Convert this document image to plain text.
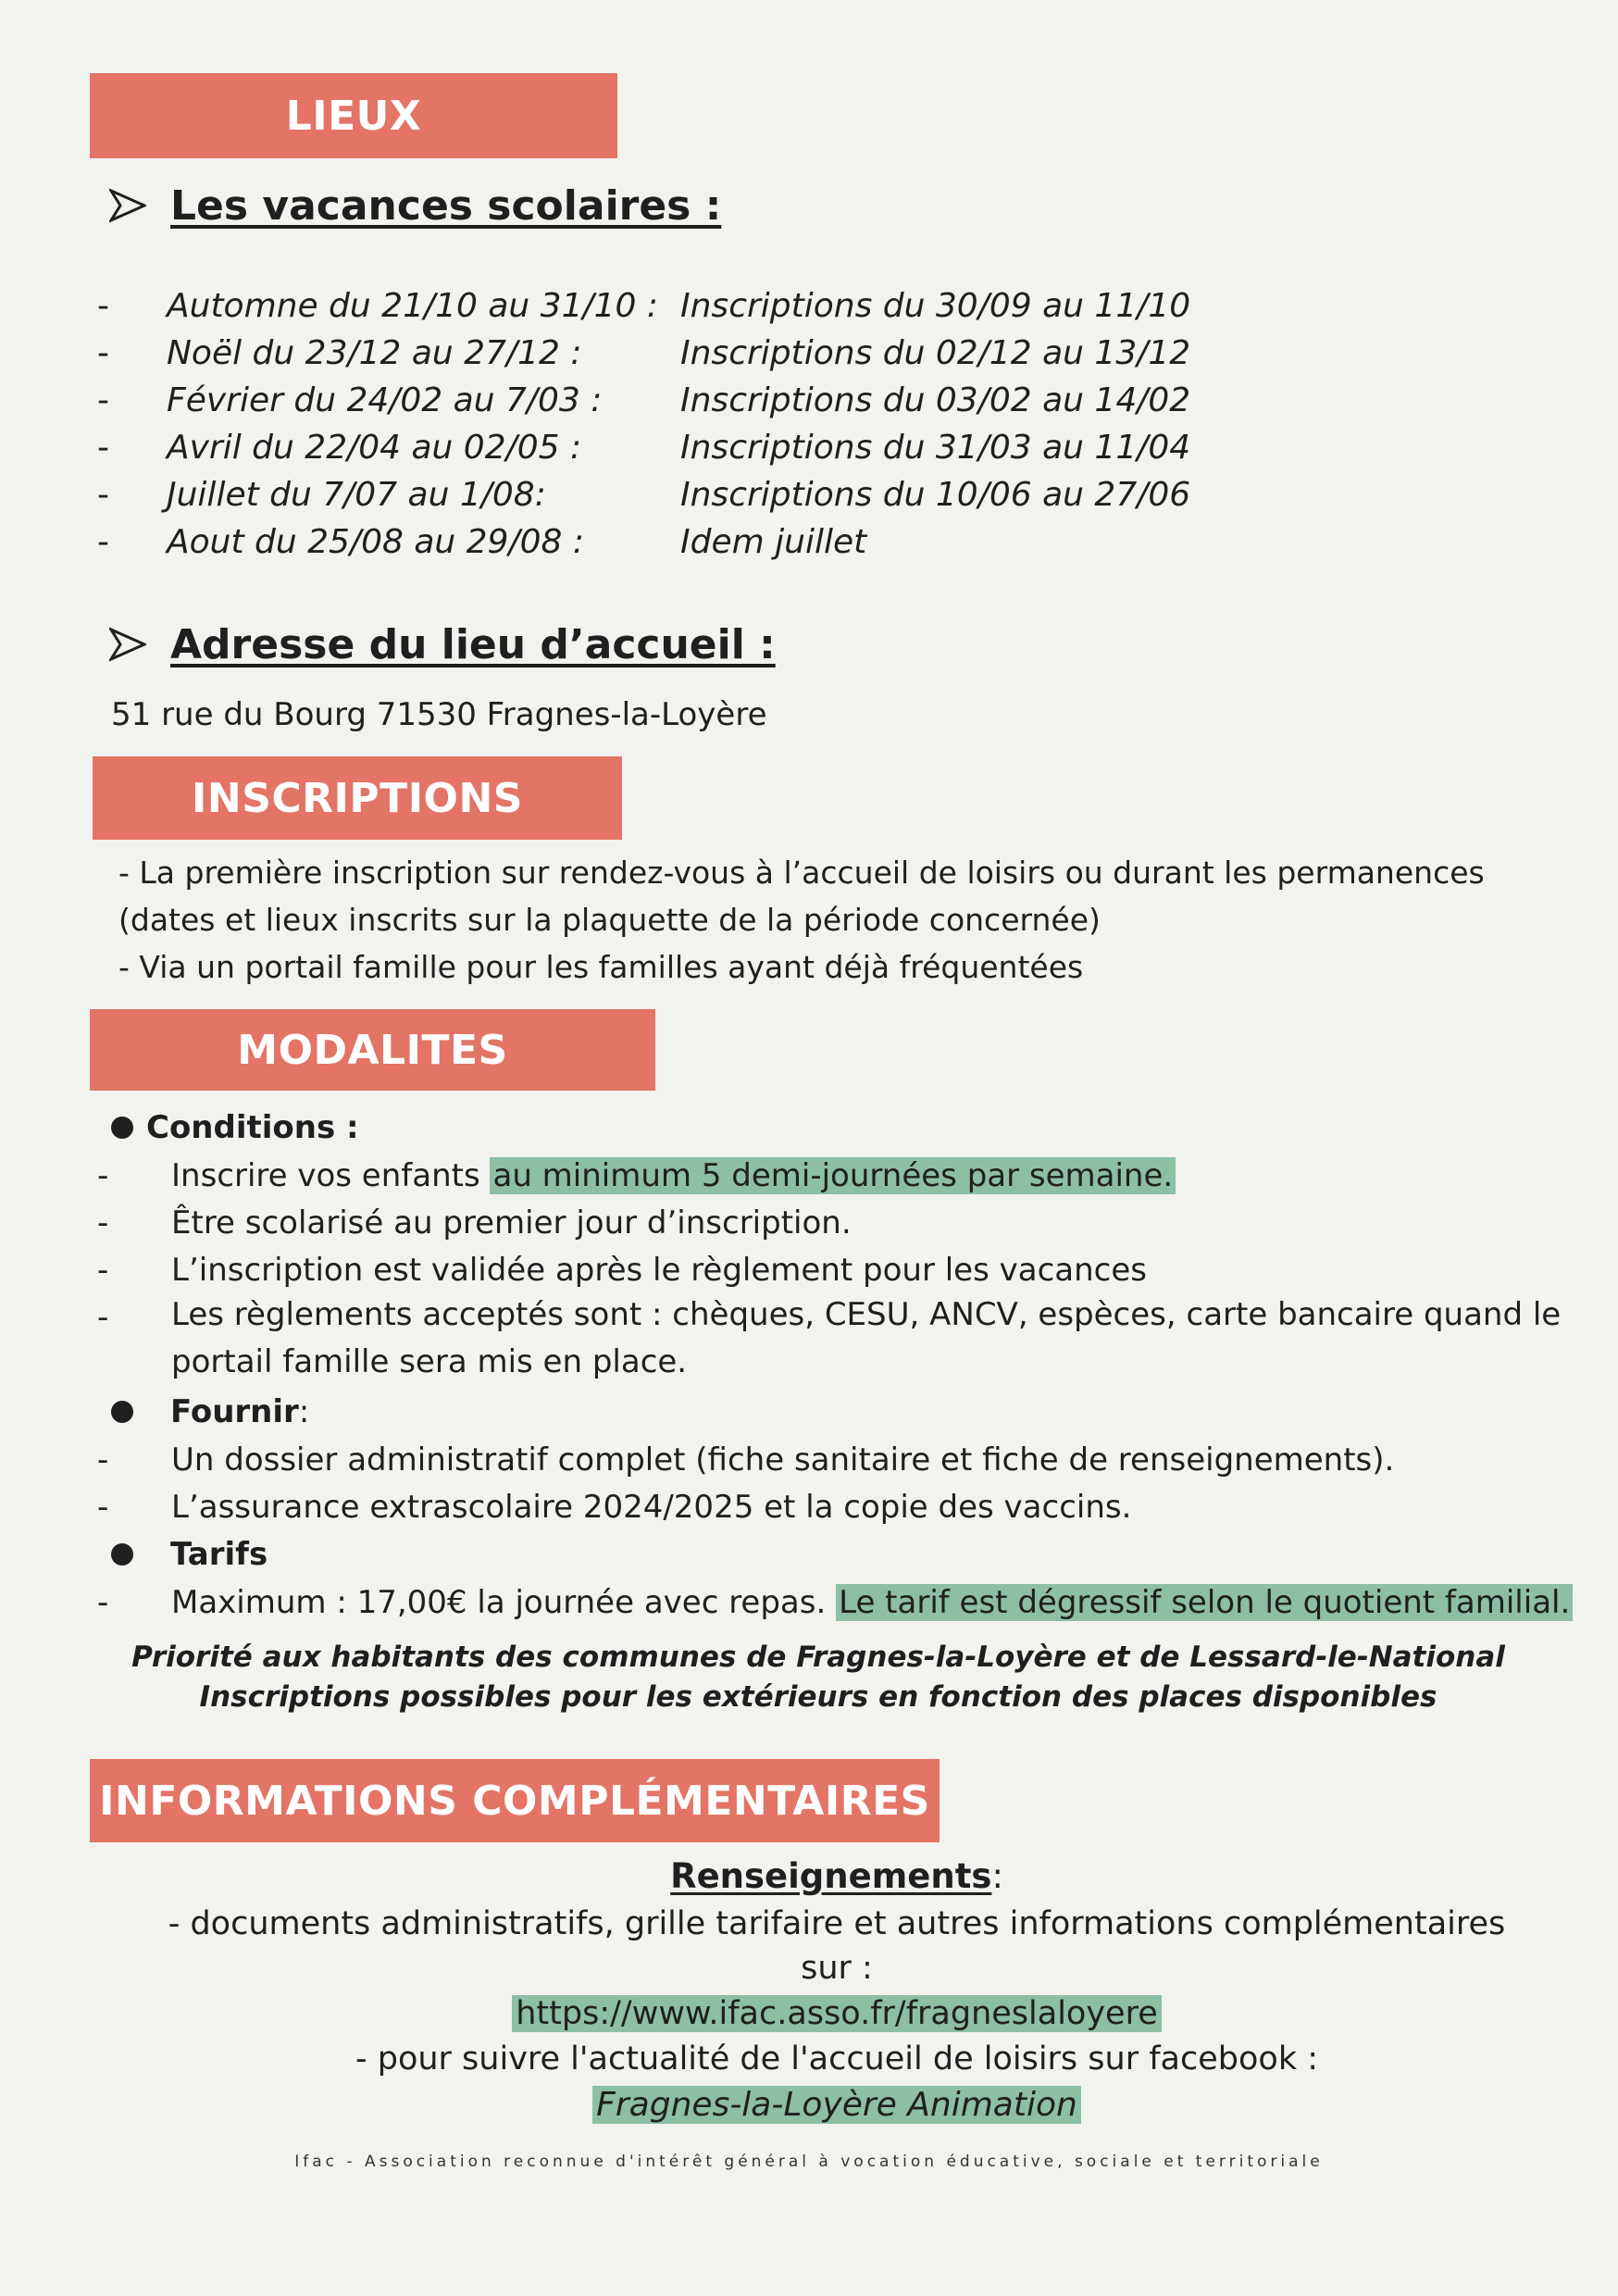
LIEUX
Les vacances scolaires :
-	Automne du 21/10 au 31/10 : Inscriptions du 30/09 au 11/10
-	Noël du 23/12 au 27/12 :	Inscriptions du 02/12 au 13/12
-	Février du 24/02 au 7/03 :	Inscriptions du 03/02 au 14/02
-	Avril du 22/04 au 02/05 :	Inscriptions du 31/03 au 11/04
-	Juillet du 7/07 au 1/08:	Inscriptions du 10/06 au 27/06
-	Aout du 25/08 au 29/08 :	Idem juillet
Adresse du lieu d’accueil :
51 rue du Bourg 71530 Fragnes-la-Loyère
INSCRIPTIONS
- La première inscription sur rendez-vous à l’accueil de loisirs ou durant les permanences
(dates et lieux inscrits sur la plaquette de la période concernée)
- Via un portail famille pour les familles ayant déjà fréquentées
MODALITES
Conditions :
-	Inscrire vos enfants au minimum 5 demi-journées par semaine.
-	Être scolarisé au premier jour d’inscription.
-	L’inscription est validée après le règlement pour les vacances
-	Les règlements acceptés sont : chèques, CESU, ANCV, espèces, carte bancaire quand le
portail famille sera mis en place.
Fournir :
-	Un dossier administratif complet (fiche sanitaire et fiche de renseignements).
-	L’assurance extrascolaire 2024/2025 et la copie des vaccins.
Tarifs
-	Maximum : 17,00€ la journée avec repas. Le tarif est dégressif selon le quotient familial.
Priorité aux habitants des communes de Fragnes-la-Loyère et de Lessard-le-National
Inscriptions possibles pour les extérieurs en fonction des places disponibles
INFORMATIONS COMPLÉMENTAIRES
Renseignements:
- documents administratifs, grille tarifaire et autres informations complémentaires
sur :
https://www.ifac.asso.fr/fragneslaloyere
- pour suivre l'actualité de l'accueil de loisirs sur facebook :
Fragnes-la-Loyère Animation
Ifac - Association reconnue d'intérêt général à vocation éducative, sociale et territoriale
